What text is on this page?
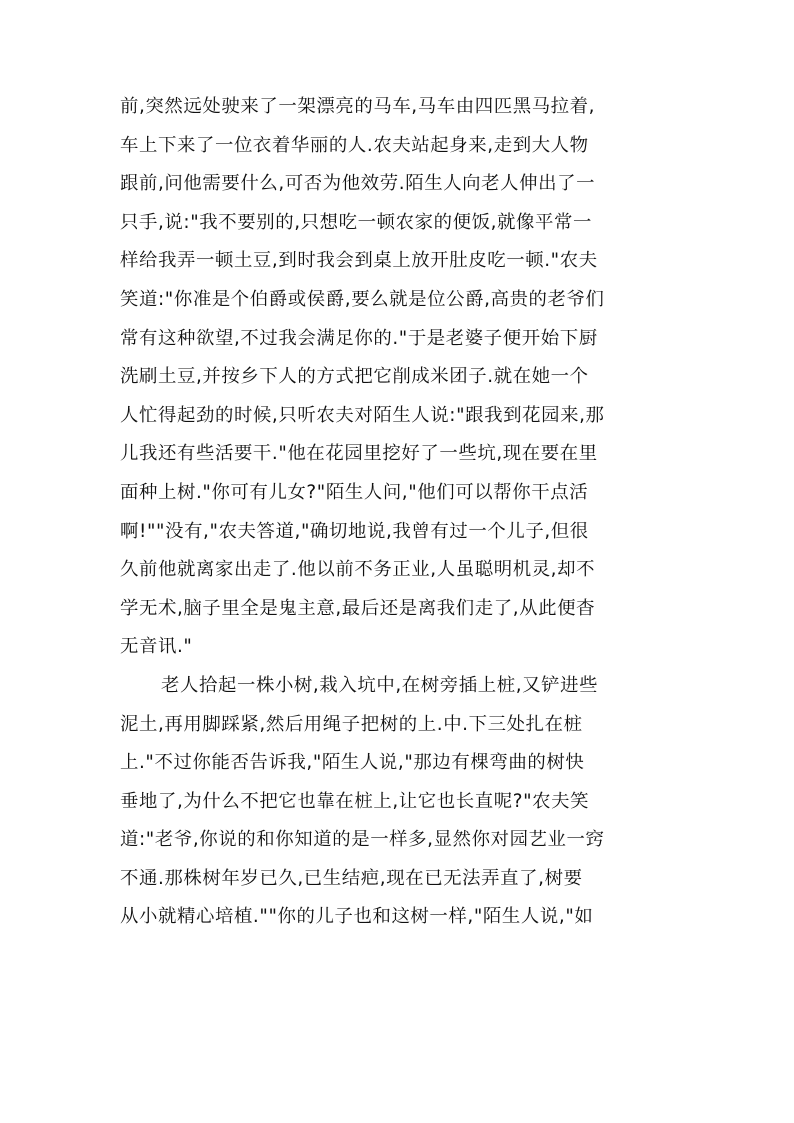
前,突然远处驶来了一架漂亮的马车,马车由四匹黑马拉着,
车上下来了一位衣着华丽的人.农夫站起身来,走到大人物
跟前,问他需要什么,可否为他效劳.陌生人向老人伸出了一
只手,说:"我不要别的,只想吃一顿农家的便饭,就像平常一
样给我弄一顿土豆,到时我会到桌上放开肚皮吃一顿."农夫
笑道:"你准是个伯爵或侯爵,要么就是位公爵,高贵的老爷们
常有这种欲望,不过我会满足你的."于是老婆子便开始下厨
洗刷土豆,并按乡下人的方式把它削成米团子.就在她一个
人忙得起劲的时候,只听农夫对陌生人说:"跟我到花园来,那
儿我还有些活要干."他在花园里挖好了一些坑,现在要在里
面种上树."你可有儿女?"陌生人问,"他们可以帮你干点活
啊!""没有,"农夫答道,"确切地说,我曾有过一个儿子,但很
久前他就离家出走了.他以前不务正业,人虽聪明机灵,却不
学无术,脑子里全是鬼主意,最后还是离我们走了,从此便杳
无音讯."
老人拾起一株小树,栽入坑中,在树旁插上桩,又铲进些
泥土,再用脚踩紧,然后用绳子把树的上.中.下三处扎在桩
上."不过你能否告诉我,"陌生人说,"那边有棵弯曲的树快
垂地了,为什么不把它也靠在桩上,让它也长直呢?"农夫笑
道:"老爷,你说的和你知道的是一样多,显然你对园艺业一窍
不通.那株树年岁已久,已生结疤,现在已无法弄直了,树要
从小就精心培植.""你的儿子也和这树一样,"陌生人说,"如
